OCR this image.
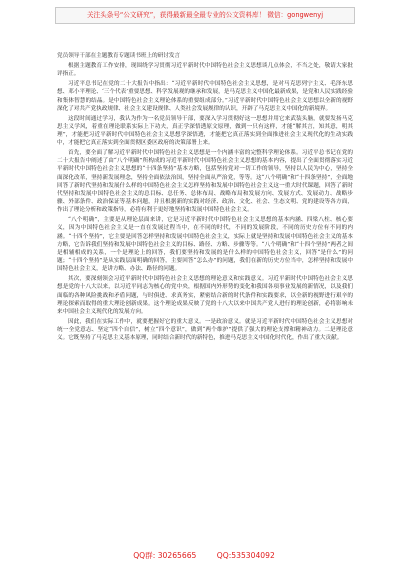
关注头条号“公文研究”，获得最新最全最专业的公文资料库！ 微信：gongwenyj
党员领导干部在主题教育专题读书班上的研讨发言

根据主题教育工作安排，现围绕学习贯彻习近平新时代中国特色社会主义思想谈几点体会，不当之处，敬请大家批评指正。

习近平总书记在党的二十大报告中指出：“习近平新时代中国特色社会主义思想，是对马克思列宁主义、毛泽东思想、邓小平理论、‘三个代表’重要思想、科学发展观的继承和发展，是马克思主义中国化最新成果，是党和人民实践经验和集体智慧的结晶。是中国特色社会主义理论体系的重要组成部分。”习近平新时代中国特色社会主义思想以全新的视野深化了对共产党执政规律、社会主义建设规律、人类社会发展规律的认识，开辟了马克思主义中国化的新境界。

这段时间通过学习，我认为作为一名党员领导干部，要深入学习贯彻好这一思想并用它来武装头脑，就要发扬马克思主义学风，着重在理论联系实际上下功夫，真正学深悟透原文原理，做到一只有这样，才能“解其言，知其意，明其理”，才能把习近平新时代中国特色社会主义思想学深悟透，才能把它真正落实到全面推进社会主义现代化的生动实践中，才能把它真正落实到全面贯彻区委区政府的决策部署上来。

首先，要全面了解习近平新时代中国特色社会主义思想是一个内涵丰富的完整科学理论体系。习近平总书记在党的二十大报告中阐述了由“八个明确”所构成的习近平新时代中国特色社会主义思想的基本内容，提出了全面贯彻落实习近平新时代中国特色社会主义思想的“十四条坚持”基本方略，包括坚持党对一切工作的领导，坚持以人民为中心，坚持全面深化改革，坚持新发展理念，坚持全面依法治国，坚持全面从严治党，等等。这“八个明确”和“十四条坚持”，全面地回答了新时代坚持和发展什么样的中国特色社会主义怎样坚持和发展中国特色社会主义这一重大时代课题，回答了新时代坚持和发展中国特色社会主义的总目标、总任务、总体布局、战略布局和发展方向、发展方式、发展动力、战略步骤、外部条件、政治保证等基本问题，并且根据新的实践对经济、政治、文化、社会、生态文明、党的建设等各方面，作出了理论分析和政策指导，必将有利于更好地坚持和发展中国特色社会主义。

“八个明确”，主要是从理论层面来讲，它是习近平新时代中国特色社会主义思想的基本内涵、四梁八柱、核心要义，因为中国特色社会主义是一直在发展过程当中，在不同的时代，不同的发展阶段，不同的历史方位有不同的内涵。“十四个坚持”，它主要是回答怎样坚持和发展中国特色社会主义，实际上就是坚持和发展中国特色社会主义的基本方略，它告诉我们坚持和发展中国特色社会主义的目标、路径、方略、步骤等等。“八个明确”和“十四个坚持”两者之间是相辅相成的关系，一个是理论上的回答，我们要坚持和发展的是什么样的中国特色社会主义，回答“是什么”的问题；“十四个坚持”是从实践层面明确的回答，主要回答“怎么办”的问题，我们在新的历史方位当中，怎样坚持和发展中国特色社会主义，是讲方略、办法、路径的问题。

其次，要深刻领会习近平新时代中国特色社会主义思想的理论意义和实践意义。习近平新时代中国特色社会主义思想是党的十八大以来，以习近平同志为核心的党中央，根据国内外形势的变化和我国各项事业发展的新情况，以及我们面临的各种风险挑战和矛盾问题，与时俱进、求真务实，紧密结合新的时代条件和实践要求，以全新的视野进行艰辛的理论探索而取得的重大理论创新成果。这个理论成果反映了党的十八大以来中国共产党人进行的理论创新，必将影响未来中国社会主义现代化的发展方向。

因此，我们在实际工作中，就要把握好它的重大意义。一是政治意义。就是习近平新时代中国特色社会主义思想对统一全党意志、坚定“四个自信”，树立“四个意识”，做到“两个维护”提供了强大的理论支撑和精神动力。二是理论意义。它既坚持了马克思主义基本原理，同时结合新时代的新特色，推进马克思主义中国化时代化，作出了重大贡献。

QQ群: 30265665	QQ:535304092
